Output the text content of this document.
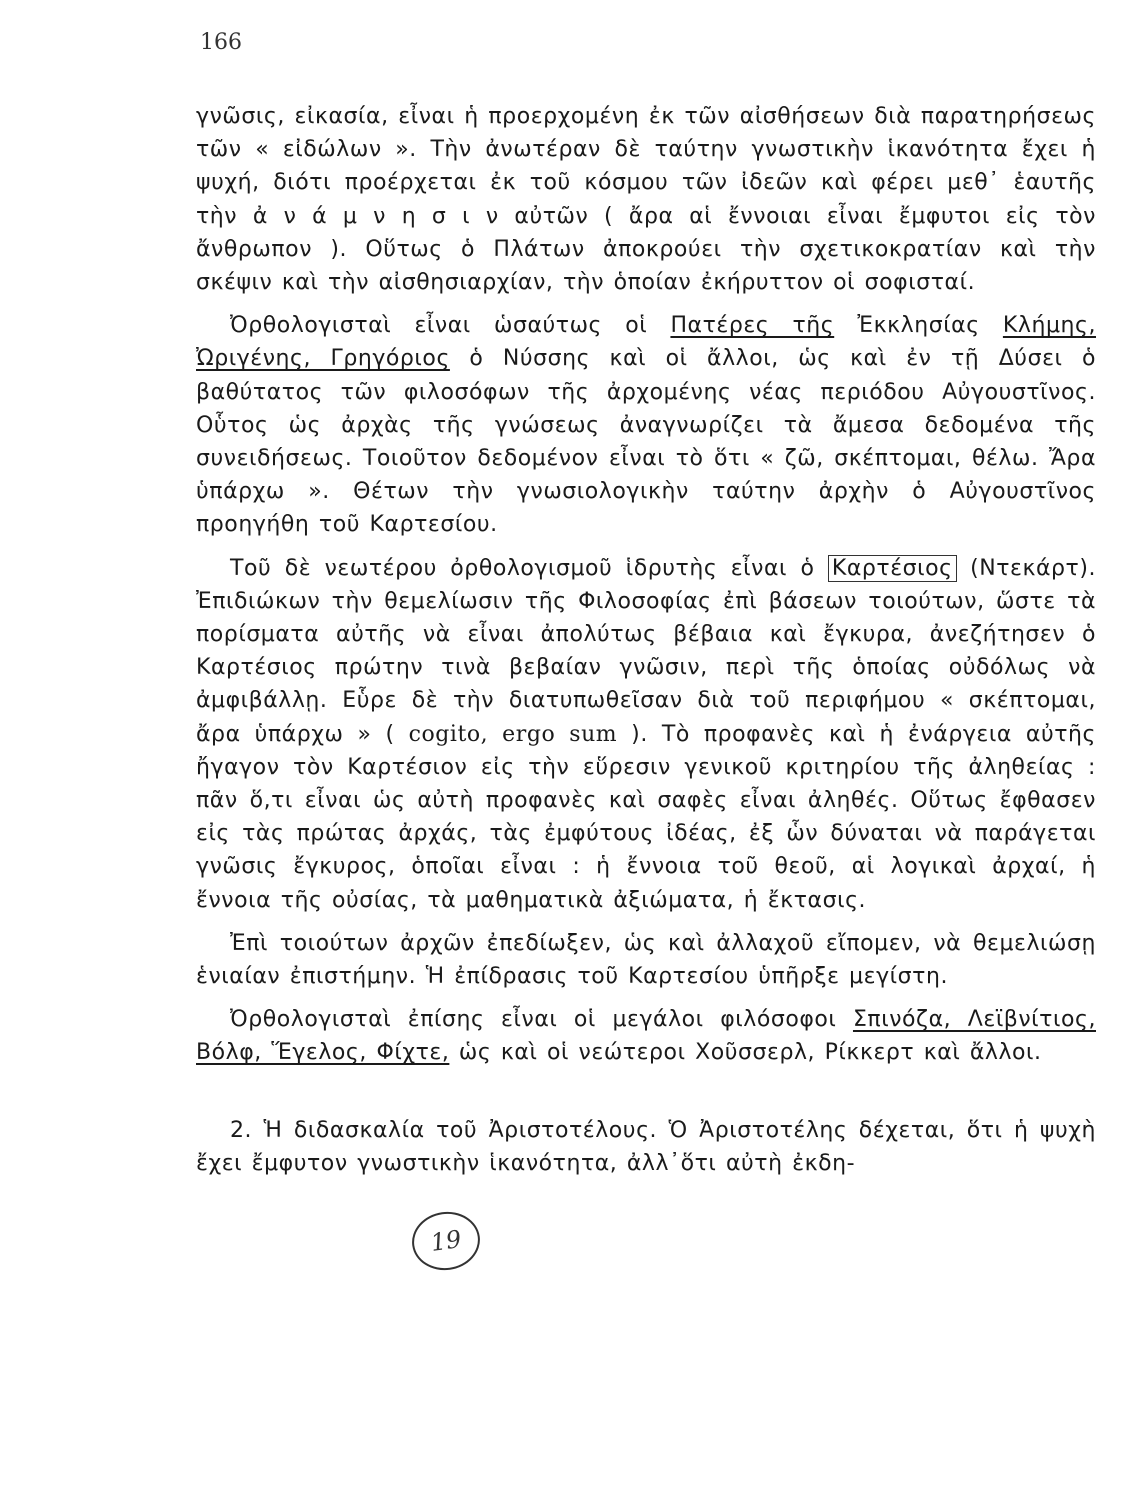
166

γνῶσις, εἰκασία, εἶναι ἡ προερχομένη ἐκ τῶν αἰσθήσεων διὰ παρατηρήσεως τῶν « εἰδώλων ». Τὴν ἀνωτέραν δὲ ταύτην γνωστικὴν ἱκανότητα ἔχει ἡ ψυχή, διότι προέρχεται ἐκ τοῦ κόσμου τῶν ἰδεῶν καὶ φέρει μεθ᾽ ἑαυτῆς τὴν ἀ ν ά μ ν η σ ι ν αὐτῶν ( ἄρα αἱ ἔννοιαι εἶναι ἔμφυτοι εἰς τὸν ἄνθρωπον ). Οὕτως ὁ Πλάτων ἀποκρούει τὴν σχετικοκρατίαν καὶ τὴν σκέψιν καὶ τὴν αἰσθησιαρχίαν, τὴν ὁποίαν ἐκήρυττον οἱ σοφισταί.

Ὀρθολογισταὶ εἶναι ὡσαύτως οἱ Πατέρες τῆς Ἐκκλησίας Κλήμης, Ὠριγένης, Γρηγόριος ὁ Νύσσης καὶ οἱ ἄλλοι, ὡς καὶ ἐν τῇ Δύσει ὁ βαθύτατος τῶν φιλοσόφων τῆς ἀρχομένης νέας περιόδου Αὐγουστῖνος. Οὗτος ὡς ἀρχὰς τῆς γνώσεως ἀναγνωρίζει τὰ ἄμεσα δεδομένα τῆς συνειδήσεως. Τοιοῦτον δεδομένον εἶναι τὸ ὅτι « ζῶ, σκέπτομαι, θέλω. Ἄρα ὑπάρχω ». Θέτων τὴν γνωσιολογικὴν ταύτην ἀρχὴν ὁ Αὐγουστῖνος προηγήθη τοῦ Καρτεσίου.

Τοῦ δὲ νεωτέρου ὀρθολογισμοῦ ἱδρυτὴς εἶναι ὁ Καρτέσιος (Ντεκάρτ). Ἐπιδιώκων τὴν θεμελίωσιν τῆς Φιλοσοφίας ἐπὶ βάσεων τοιούτων, ὥστε τὰ πορίσματα αὐτῆς νὰ εἶναι ἀπολύτως βέβαια καὶ ἔγκυρα, ἀνεζήτησεν ὁ Καρτέσιος πρώτην τινὰ βεβαίαν γνῶσιν, περὶ τῆς ὁποίας οὐδόλως νὰ ἀμφιβάλλῃ. Εὗρε δὲ τὴν διατυπωθεῖσαν διὰ τοῦ περιφήμου « σκέπτομαι, ἄρα ὑπάρχω » ( cogito, ergo sum ). Τὸ προφανὲς καὶ ἡ ἐνάργεια αὐτῆς ἤγαγον τὸν Καρτέσιον εἰς τὴν εὕρεσιν γενικοῦ κριτηρίου τῆς ἀληθείας : πᾶν ὅ,τι εἶναι ὡς αὐτὴ προφανὲς καὶ σαφὲς εἶναι ἀληθές. Οὕτως ἔφθασεν εἰς τὰς πρώτας ἀρχάς, τὰς ἐμφύτους ἰδέας, ἐξ ὧν δύναται νὰ παράγεται γνῶσις ἔγκυρος, ὁποῖαι εἶναι : ἡ ἔννοια τοῦ θεοῦ, αἱ λογικαὶ ἀρχαί, ἡ ἔννοια τῆς οὐσίας, τὰ μαθηματικὰ ἀξιώματα, ἡ ἔκτασις.

Ἐπὶ τοιούτων ἀρχῶν ἐπεδίωξεν, ὡς καὶ ἀλλαχοῦ εἴπομεν, νὰ θεμελιώσῃ ἑνιαίαν ἐπιστήμην. Ἡ ἐπίδρασις τοῦ Καρτεσίου ὑπῆρξε μεγίστη.

Ὀρθολογισταὶ ἐπίσης εἶναι οἱ μεγάλοι φιλόσοφοι Σπινόζα, Λεϊβνίτιος, Βόλφ, Ἕγελος, Φίχτε, ὡς καὶ οἱ νεώτεροι Χοῦσσερλ, Ρίκκερτ καὶ ἄλλοι.

2. Ἡ διδασκαλία τοῦ Ἀριστοτέλους. Ὁ Ἀριστοτέλης δέχεται, ὅτι ἡ ψυχὴ ἔχει ἔμφυτον γνωστικὴν ἱκανότητα, ἀλλ᾽ὅτι αὐτὴ ἐκδη-

19
